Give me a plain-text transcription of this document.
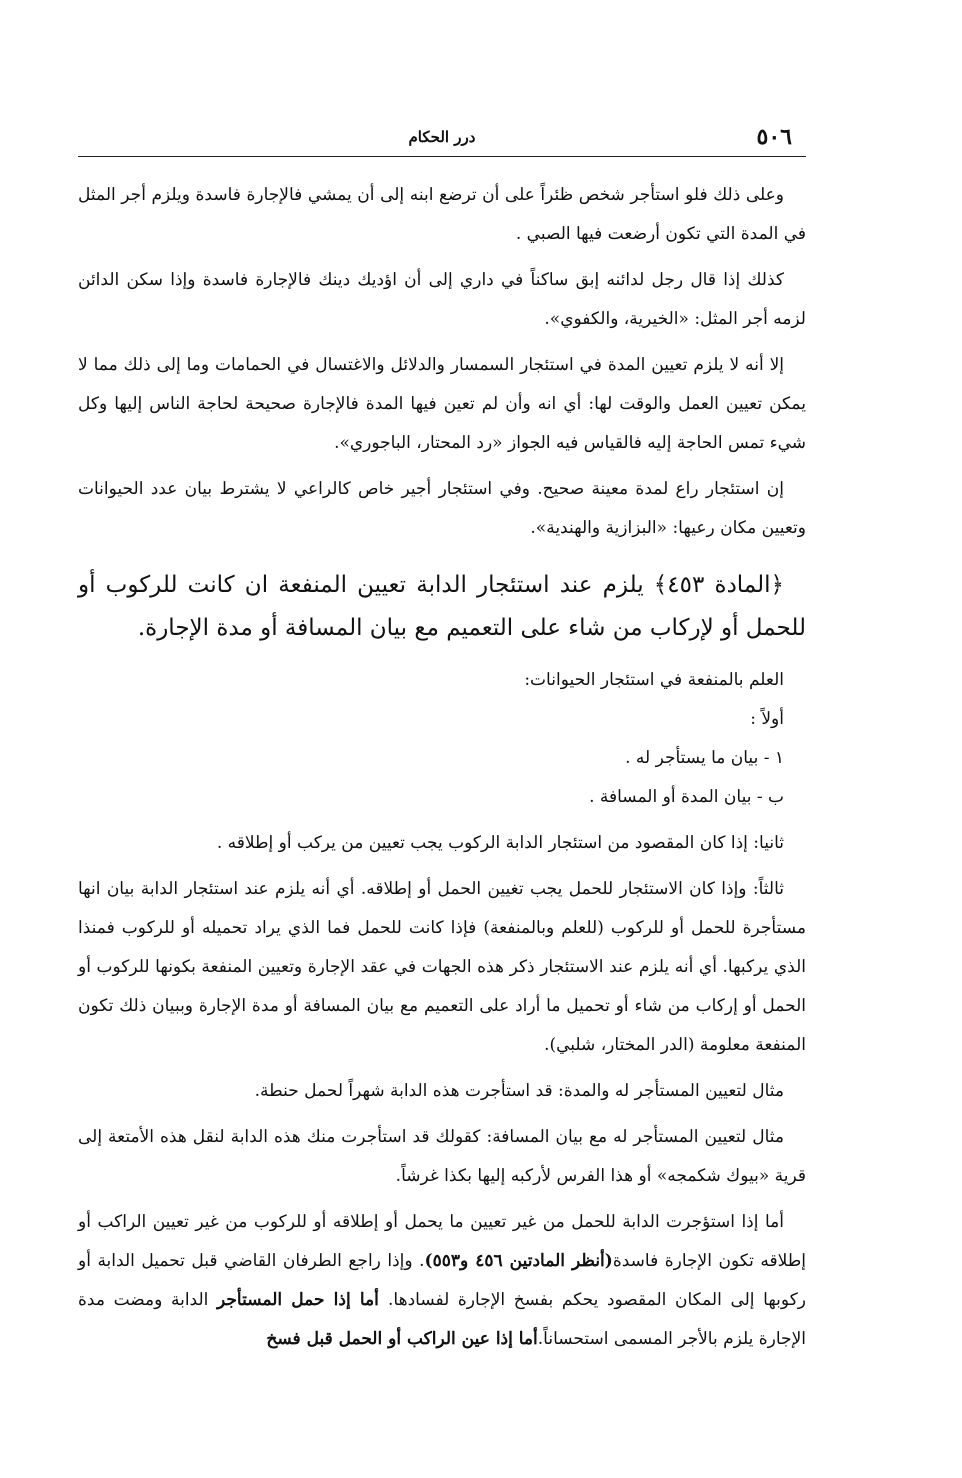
٥٠٦
درر الحكام

وعلى ذلك فلو استأجر شخص ظئراً على أن ترضع ابنه إلى أن يمشي فالإجارة فاسدة ويلزم أجر المثل في المدة التي تكون أرضعت فيها الصبي .

كذلك إذا قال رجل لدائنه إبق ساكناً في داري إلى أن اؤديك دينك فالإجارة فاسدة وإذا سكن الدائن لزمه أجر المثل: «الخيرية، والكفوي».

إلا أنه لا يلزم تعيين المدة في استئجار السمسار والدلائل والاغتسال في الحمامات وما إلى ذلك مما لا يمكن تعيين العمل والوقت لها: أي انه وأن لم تعين فيها المدة فالإجارة صحيحة لحاجة الناس إليها وكل شيء تمس الحاجة إليه فالقياس فيه الجواز «رد المحتار، الباجوري».

إن استئجار راع لمدة معينة صحيح. وفي استئجار أجير خاص كالراعي لا يشترط بيان عدد الحيوانات وتعيين مكان رعيها: «البزازية والهندية».

﴿المادة ٤٥٣﴾ يلزم عند استئجار الدابة تعيين المنفعة ان كانت للركوب أو للحمل أو لإركاب من شاء على التعميم مع بيان المسافة أو مدة الإجارة.

العلم بالمنفعة في استئجار الحيوانات:

أولاً :

١ - بيان ما يستأجر له .

ب - بيان المدة أو المسافة .

ثانيا: إذا كان المقصود من استئجار الدابة الركوب يجب تعيين من يركب أو إطلاقه .

ثالثاً: وإذا كان الاستئجار للحمل يجب تغيين الحمل أو إطلاقه. أي أنه يلزم عند استئجار الدابة بيان انها مستأجرة للحمل أو للركوب (للعلم وبالمنفعة) فإذا كانت للحمل فما الذي يراد تحميله أو للركوب فمنذا الذي يركبها. أي أنه يلزم عند الاستئجار ذكر هذه الجهات في عقد الإجارة وتعيين المنفعة بكونها للركوب أو الحمل أو إركاب من شاء أو تحميل ما أراد على التعميم مع بيان المسافة أو مدة الإجارة وببيان ذلك تكون المنفعة معلومة (الدر المختار، شلبي).

مثال لتعيين المستأجر له والمدة: قد استأجرت هذه الدابة شهراً لحمل حنطة.

مثال لتعيين المستأجر له مع بيان المسافة: كقولك قد استأجرت منك هذه الدابة لنقل هذه الأمتعة إلى قرية «بيوك شكمجه» أو هذا الفرس لأركبه إليها بكذا غرشاً.

أما إذا استؤجرت الدابة للحمل من غير تعيين ما يحمل أو إطلاقه أو للركوب من غير تعيين الراكب أو إطلاقه تكون الإجارة فاسدة(أنظر المادتين ٤٥٦ و٥٥٣). وإذا راجع الطرفان القاضي قبل تحميل الدابة أو ركوبها إلى المكان المقصود يحكم بفسخ الإجارة لفسادها. أما إذا حمل المستأجر الدابة ومضت مدة الإجارة يلزم بالأجر المسمى استحساناً.أما إذا عين الراكب أو الحمل قبل فسخ
